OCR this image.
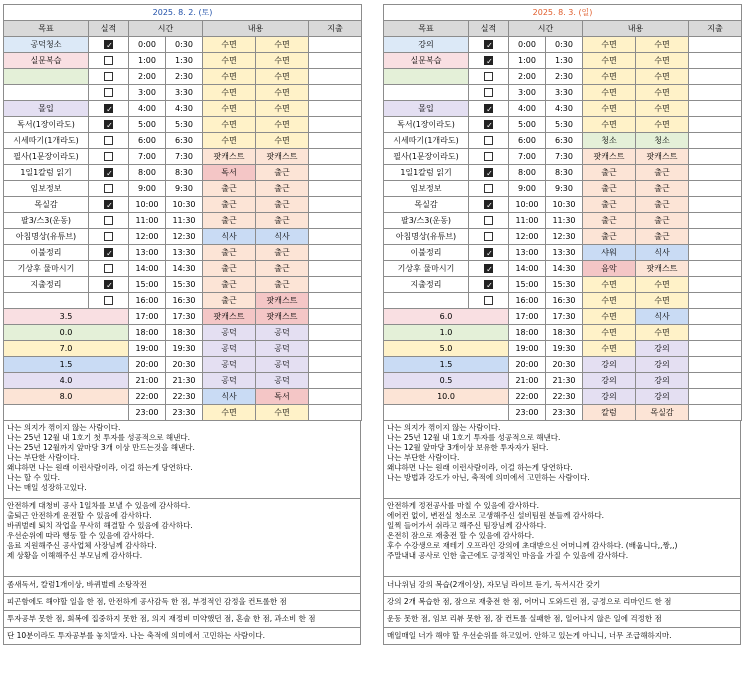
2025. 8. 2. (토)						
목표	실적	시간		내용		지출
공덕청소	✓	0:00	0:30	수면	수면	
실문복습		1:00	1:30	수면	수면	
		2:00	2:30	수면	수면	
		3:00	3:30	수면	수면	
몰입	✓	4:00	4:30	수면	수면	
독서(1장이라도)	✓	5:00	5:30	수면	수면	
시세따기(1개라도)		6:00	6:30	수면	수면	
필사(1문장이라도)		7:00	7:30	팟캐스트	팟캐스트	
1일1칼럼 읽기	✓	8:00	8:30	독서	출근	
임보정보		9:00	9:30	출근	출근	
목실감	✓	10:00	10:30	출근	출근	
팔3/스3(운동)		11:00	11:30	출근	출근	
아침명상(유튜브)		12:00	12:30	식사	식사	
이불정리	✓	13:00	13:30	출근	출근	
기상후 물마시기		14:00	14:30	출근	출근	
지출정리	✓	15:00	15:30	출근	출근	
		16:00	16:30	출근	팟캐스트	
3.5		17:00	17:30	팟캐스트	팟캐스트	
0.0		18:00	18:30	공덕	공덕	
7.0		19:00	19:30	공덕	공덕	
1.5		20:00	20:30	공덕	공덕	
4.0		21:00	21:30	공덕	공덕	
8.0		22:00	22:30	식사	독서	
		23:00	23:30	수면	수면	
나는 의지가 꺾이지 않는 사람이다.
나는 25년 12월 내 1호기 첫 투자를 성공적으로 해낸다.
나는 25년 12월까지 앞마당 3개 이상 만드는것을 해낸다.
나는 부단한 사람이다.
왜냐하면 나는 원래 이런사람이라, 이걸 하는게 당연하다.
나는 할 수 있다.
나는 매일 성장하고있다.
안전하게 대청비 공사 1일차를 보낼 수 있음에 감사하다.
출퇴근 안전하게 운전할 수 있음에 감사하다.
바퀴벌레 퇴치 작업을 무사히 해결할 수 있음에 감사하다.
우선순위에 따라 행동 할 수 있음에 감사하다.
음료 지원해주신 공사업체 사장님께 감사하다.
제 상황을 이해해주신 부모님께 감사하다.
좀새독서, 칼럼1개이상, 바퀴벌레 소탕작전
피곤함에도 해야할 일을 한 점, 안전하게 공사감독 한 점, 부정적인 감정을 컨트롤한 점
투자공부 못한 점, 회복에 집중하지 못한 점, 의지 재정비 미약했던 점, 혼술 한 점, 과소비 한 점
단 10분이라도 투자공부를 놓치말자. 나는 축적에 의미에서 고민하는 사람이다.
2025. 8. 3. (일)						
목표	실적	시간		내용		지출
강의	✓	0:00	0:30	수면	수면	
실문복습	✓	1:00	1:30	수면	수면	
		2:00	2:30	수면	수면	
		3:00	3:30	수면	수면	
몰입	✓	4:00	4:30	수면	수면	
독서(1장이라도)	✓	5:00	5:30	수면	수면	
시세따기(1개라도)		6:00	6:30	청소	청소	
필사(1문장이라도)		7:00	7:30	팟캐스트	팟캐스트	
1일1칼럼 읽기	✓	8:00	8:30	출근	출근	
임보정보		9:00	9:30	출근	출근	
목실감	✓	10:00	10:30	출근	출근	
팔3/스3(운동)		11:00	11:30	출근	출근	
아침명상(유튜브)		12:00	12:30	출근	출근	
이불정리	✓	13:00	13:30	샤워	식사	
기상후 물마시기	✓	14:00	14:30	음악	팟캐스트	
지출정리	✓	15:00	15:30	수면	수면	
		16:00	16:30	수면	수면	
6.0		17:00	17:30	수면	식사	
1.0		18:00	18:30	수면	수면	
5.0		19:00	19:30	수면	강의	
1.5		20:00	20:30	강의	강의	
0.5		21:00	21:30	강의	강의	
10.0		22:00	22:30	강의	강의	
		23:00	23:30	칼럼	목실감	
나는 의지가 꺾이지 않는 사람이다.
나는 25년 12월 내 1호기 투자를 성공적으로 해낸다.
나는 12월 앞마당 3개이상 보유한 투자자가 된다.
나는 부단한 사람이다.
왜냐하면 나는 원래 이런사람이라, 이걸 하는게 당연하다.
나는 방법과 강도가 아닌, 축적에 의미에서 고민하는 사람이다.
안전하게 정전공사를 마칠 수 있음에 감사하다.
에어컨 없이, 변전실 청소로 고생해주신 설비팀원 분들께 감사하다.
일찍 들어가서 쉬라고 해주신 팀장님께 감사하다.
온전히 잠으로 재충전 할 수 있음에 감사하다.
후수 수강생으로 재테기 오프라인 강의에 초대받으신 어머니께 감사하다. (배웁니다,,짱,,)
주말내내 공사로 인한 출근에도 긍정적인 마음을 가질 수 있음에 감사하다.
너나위님 강의 복습(2개이상), 자모님 라이브 듣기, 독서시간 갖기
강의 2개 복습한 점, 잠으로 재충전 한 점, 어머니 도와드린 점, 긍정으로 리마인드 한 점
운동 못한 점, 임보 리뷰 못한 점, 잠 컨트롤 실패한 점, 일어나지 않은 일에 걱정한 점
매일매일 너가 해야 할 우선순위를 하고있어. 안하고 있는게 아니니, 너무 조급해하지마.
